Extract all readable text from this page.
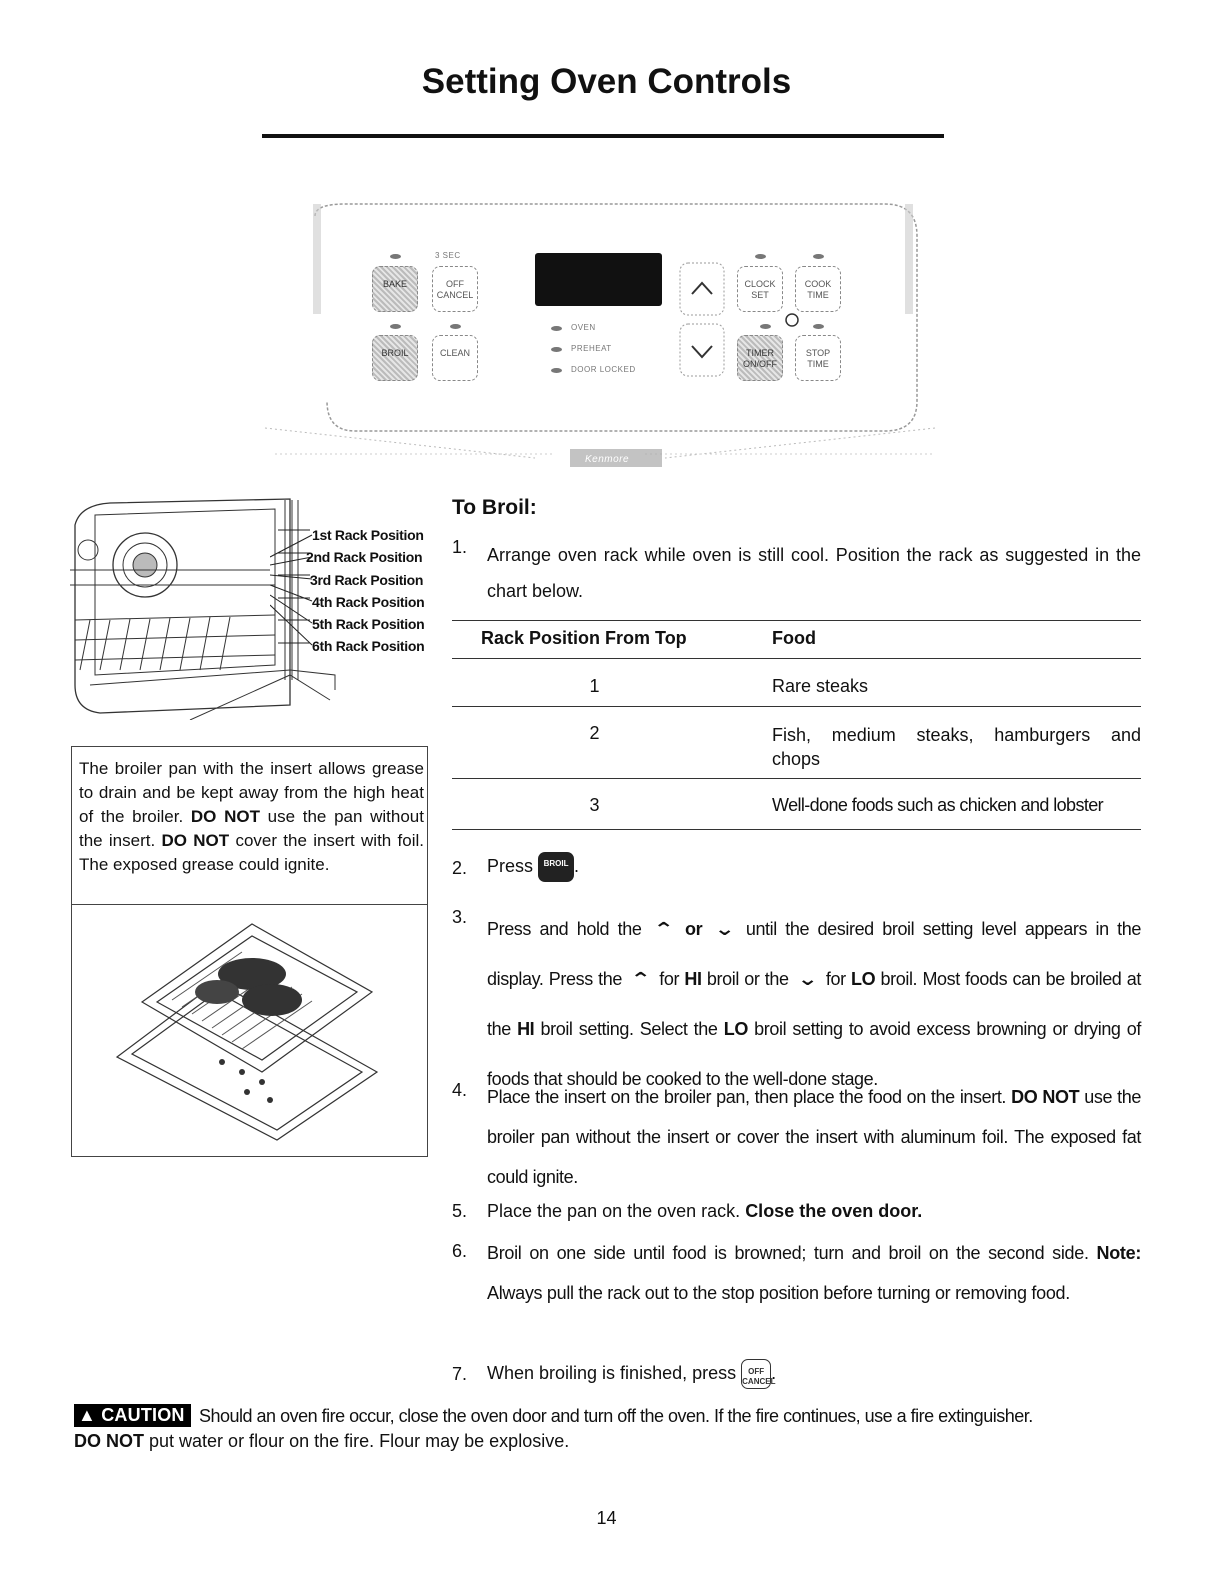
Setting Oven Controls
BAKE	OFF CANCEL
BROIL	CLEAN
CLOCK SET
COOK TIME
TIMER ON/OFF
STOP TIME
3 SEC
OVEN
PREHEAT
DOOR LOCKED
Kenmore
1st Rack Position
2nd Rack Position
3rd Rack Position
4th Rack Position
5th Rack Position
6th Rack Position
The broiler pan with the insert allows grease to drain and be kept away from the high heat of the broiler. DO NOT use the pan without the insert. DO NOT cover the insert with foil. The exposed grease could ignite.
To Broil:
1. Arrange oven rack while oven is still cool. Position the rack as suggested in the chart below.
Rack Position From Top	Food
1	Rare steaks
2	Fish, medium steaks, hamburgers and chops
3	Well-done foods such as chicken and lobster
2. Press BROIL .
3.
Press and hold the ⌃ or ⌄ until the desired broil setting level appears in the display. Press the ⌃ for HI broil or the ⌄ for LO broil. Most foods can be broiled at the HI broil setting. Select the LO broil setting to avoid excess browning or drying of foods that should be cooked to the well-done stage.
4. Place the insert on the broiler pan, then place the food on the insert. DO NOT use the broiler pan without the insert or cover the insert with aluminum foil. The exposed fat could ignite.
5. Place the pan on the oven rack. Close the oven door.
6. Broil on one side until food is browned; turn and broil on the second side. Note: Always pull the rack out to the stop position before turning or removing food.
7. When broiling is finished, press OFF CANCEL.
▲ CAUTION Should an oven fire occur, close the oven door and turn off the oven. If the fire continues, use a fire extinguisher.
DO NOT put water or flour on the fire. Flour may be explosive.
14
